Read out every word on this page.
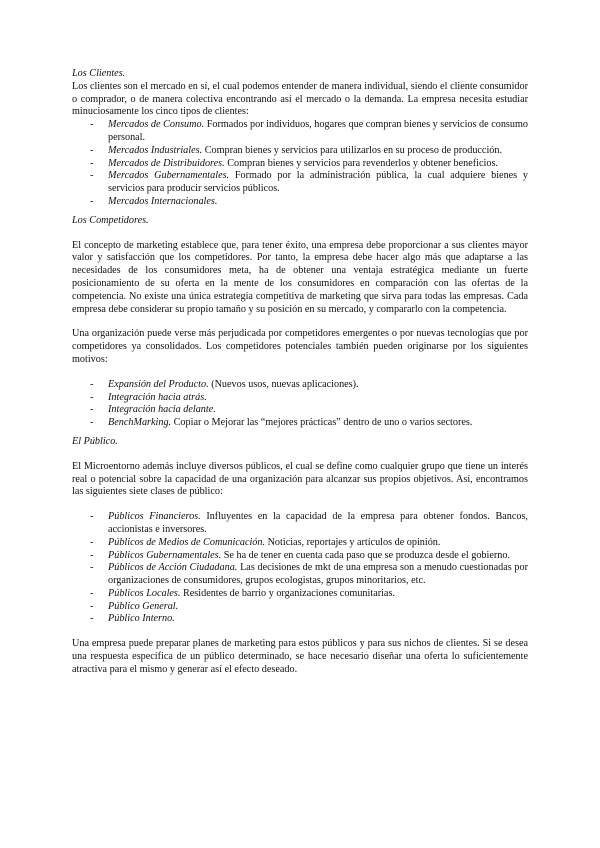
Los Clientes.

Los clientes son el mercado en sí, el cual podemos entender de manera individual, siendo el cliente consumidor o comprador, o de manera colectiva encontrando así el mercado o la demanda. La empresa necesita estudiar minuciosamente los cinco tipos de clientes:

- Mercados de Consumo. Formados por individuos, hogares que compran bienes y servicios de consumo personal.
- Mercados Industriales. Compran bienes y servicios para utilizarlos en su proceso de producción.
- Mercados de Distribuidores. Compran bienes y servicios para revenderlos y obtener beneficios.
- Mercados Gubernamentales. Formado por la administración pública, la cual adquiere bienes y servicios para producir servicios públicos.
- Mercados Internacionales.

Los Competidores.

El concepto de marketing establece que, para tener éxito, una empresa debe proporcionar a sus clientes mayor valor y satisfacción que los competidores. Por tanto, la empresa debe hacer algo más que adaptarse a las necesidades de los consumidores meta, ha de obtener una ventaja estratégica mediante un fuerte posicionamiento de su oferta en la mente de los consumidores en comparación con las ofertas de la competencia. No existe una única estrategia competitiva de marketing que sirva para todas las empresas. Cada empresa debe considerar su propio tamaño y su posición en su mercado, y compararlo con la competencia.

Una organización puede verse más perjudicada por competidores emergentes o por nuevas tecnologías que por competidores ya consolidados. Los competidores potenciales también pueden originarse por los siguientes motivos:

- Expansión del Producto. (Nuevos usos, nuevas aplicaciones).
- Integración hacia atrás.
- Integración hacia delante.
- BenchMarking. Copiar o Mejorar las “mejores prácticas” dentro de uno o varios sectores.

El Público.

El Microentorno además incluye diversos públicos, el cual se define como cualquier grupo que tiene un interés real o potencial sobre la capacidad de una organización para alcanzar sus propios objetivos. Así, encontramos las siguientes siete clases de público:

- Públicos Financieros. Influyentes en la capacidad de la empresa para obtener fondos. Bancos, accionistas e inversores.
- Públicos de Medios de Comunicación. Noticias, reportajes y artículos de opinión.
- Públicos Gubernamentales. Se ha de tener en cuenta cada paso que se produzca desde el gobierno.
- Públicos de Acción Ciudadana. Las decisiones de mkt de una empresa son a menudo cuestionadas por organizaciones de consumidores, grupos ecologistas, grupos minoritarios, etc.
- Públicos Locales. Residentes de barrio y organizaciones comunitarias.
- Público General.
- Público Interno.

Una empresa puede preparar planes de marketing para estos públicos y para sus nichos de clientes. Si se desea una respuesta específica de un público determinado, se hace necesario diseñar una oferta lo suficientemente atractiva para el mismo y generar así el efecto deseado.
